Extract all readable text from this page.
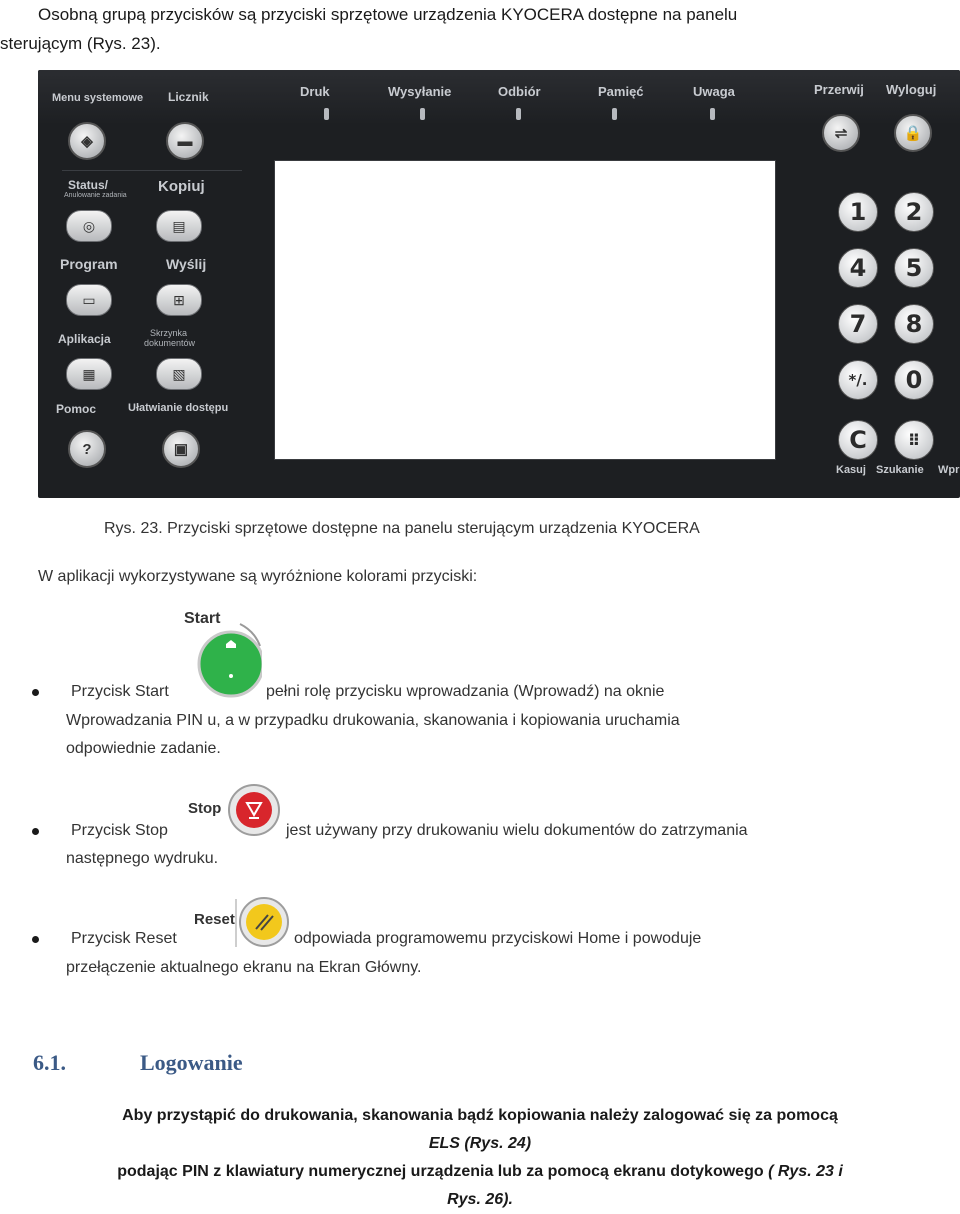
Osobną grupą przycisków są przyciski sprzętowe urządzenia KYOCERA dostępne na panelu
sterującym (Rys. 23).
Menu systemowe Licznik
◈	▬
Druk	Wysyłanie	Odbiór	Pamięć	Uwaga	Przerwij Wyloguj
⇌	🔒
Status/
Anulowanie zadania
Kopiuj
◎	▤
Program	Wyślij
▭	⊞
Aplikacja	Skrzynka
dokumentów
▦	▧
Pomoc	Ułatwianie dostępu
?	▣
1	2
4	5
7	8
*/.	0
C	⠿
Kasuj Szukanie Wpr
Rys. 23. Przyciski sprzętowe dostępne na panelu sterującym urządzenia KYOCERA
W aplikacji wykorzystywane są wyróżnione kolorami przyciski:
Start
Przycisk Start	pełni rolę przycisku wprowadzania (Wprowadź) na oknie
Wprowadzania PIN u, a w przypadku drukowania, skanowania i kopiowania uruchamia
odpowiednie zadanie.
Stop
Przycisk Stop	jest używany przy drukowaniu wielu dokumentów do zatrzymania
następnego wydruku.
Reset
Przycisk Reset	odpowiada programowemu przyciskowi Home i powoduje
przełączenie aktualnego ekranu na Ekran Główny.
6.1.	Logowanie
Aby przystąpić do drukowania, skanowania bądź kopiowania należy zalogować się za pomocą
ELS (Rys. 24)
podając PIN z klawiatury numerycznej urządzenia lub za pomocą ekranu dotykowego ( Rys. 23 i
Rys. 26).
